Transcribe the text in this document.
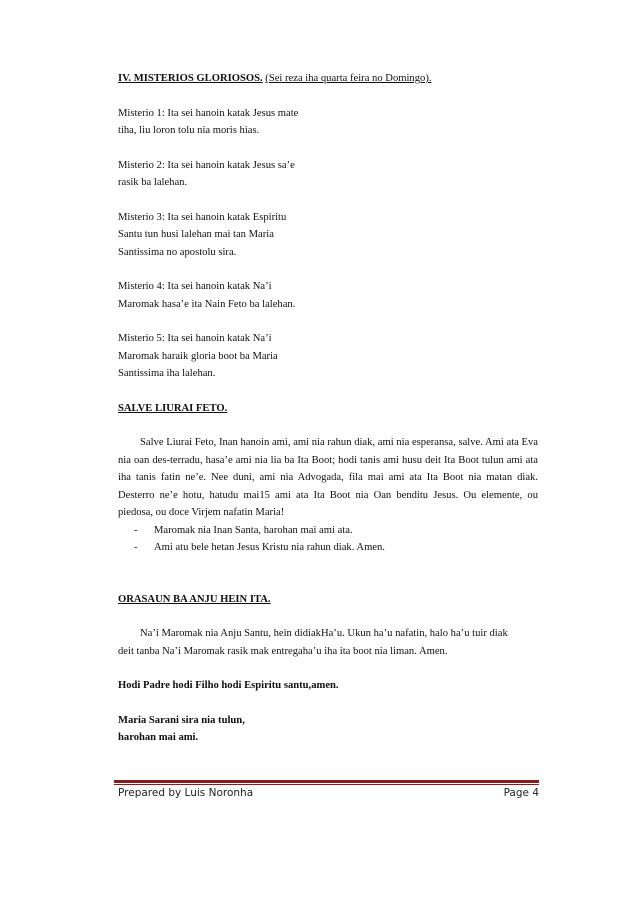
IV. MISTERIOS GLORIOSOS. (Sei reza iha quarta feira no Domingo).

Misterio 1: Ita sei hanoin katak Jesus mate

tiha, liu loron tolu nia moris hias.

Misterio 2: Ita sei hanoin katak Jesus sa’e

rasik ba lalehan.

Misterio 3: Ita sei hanoin katak Espiritu

Santu tun husi lalehan mai tan Maria

Santissima no apostolu sira.

Misterio 4: Ita sei hanoin katak Na’i

Maromak hasa’e ita Nain Feto ba lalehan.

Misterio 5: Ita sei hanoin katak Na’i

Maromak haraik gloria boot ba Maria

Santissima iha lalehan.

SALVE LIURAI FETO.

Salve Liurai Feto, Inan hanoin ami, ami nia rahun diak, ami nia esperansa, salve. Ami ata Eva nia oan des-terradu, hasa’e ami nia lia ba Ita Boot; hodi tanis ami husu deit Ita Boot tulun ami ata iha tanis fatin ne’e. Nee duni, ami nia Advogada, fila mai ami ata Ita Boot nia matan diak. Desterro ne’e hotu, hatudu mai15 ami ata Ita Boot nia Oan benditu Jesus. Ou elemente, ou piedosa, ou doce Virjem nafatin Maria!

- Maromak nia Inan Santa, harohan mai ami ata.
- Ami atu bele hetan Jesus Kristu nia rahun diak. Amen.

ORASAUN BA ANJU HEIN ITA.

Na’i Maromak nia Anju Santu, hein didiakHa’u. Ukun ha’u nafatin, halo ha’u tuir diak

deit tanba Na’i Maromak rasik mak entregaha’u iha ita boot nia liman. Amen.

Hodi Padre hodi Filho hodi Espiritu santu,amen.

Maria Sarani sira nia tulun,

harohan mai ami.

Prepared by Luis Noronha	Page 4
